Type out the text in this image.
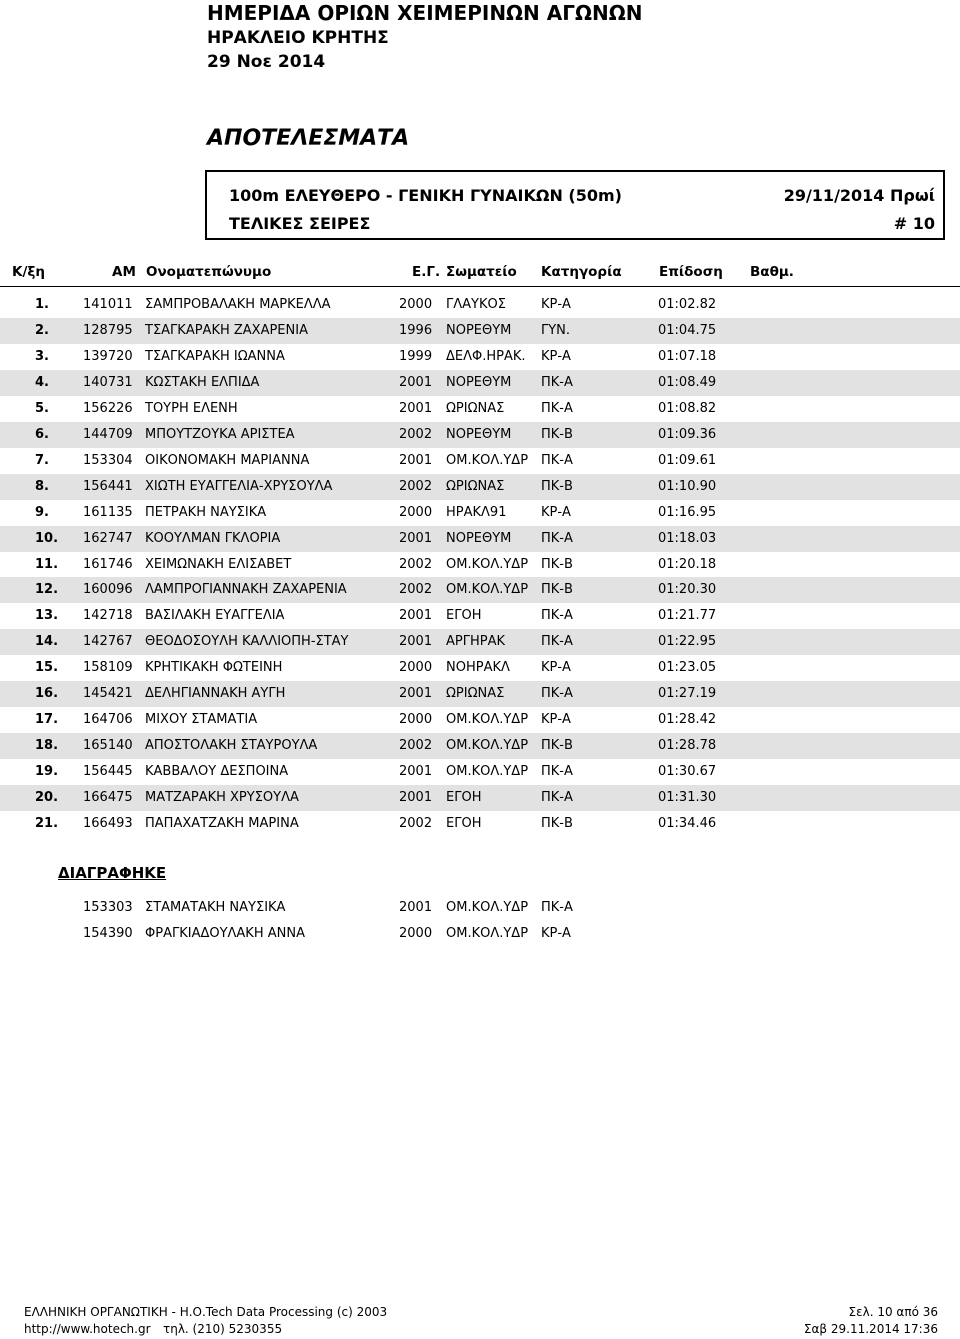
ΗΜΕΡΙΔΑ ΟΡΙΩΝ ΧΕΙΜΕΡΙΝΩΝ ΑΓΩΝΩΝ
ΗΡΑΚΛΕΙΟ ΚΡΗΤΗΣ
29 Νοε 2014
ΑΠΟΤΕΛΕΣΜΑΤΑ
100m ΕΛΕΥΘΕΡΟ - ΓΕΝΙΚΗ ΓΥΝΑΙΚΩΝ (50m)	29/11/2014 Πρωί
ΤΕΛΙΚΕΣ ΣΕΙΡΕΣ	# 10
Κ/ξη	ΑΜ Ονοματεπώνυμο	Ε.Γ. Σωματείο Κατηγορία	Επίδοση Βαθμ.
1.	141011 ΣΑΜΠΡΟΒΑΛΑΚΗ ΜΑΡΚΕΛΛΑ	2000 ΓΛΑΥΚΟΣ	ΚΡ-Α	01:02.82
2.	128795 ΤΣΑΓΚΑΡΑΚΗ ΖΑΧΑΡΕΝΙΑ	1996 ΝΟΡΕΘΥΜ ΓΥΝ.	01:04.75
3.	139720 ΤΣΑΓΚΑΡΑΚΗ ΙΩΑΝΝΑ	1999 ΔΕΛΦ.ΗΡΑΚ. ΚΡ-Α	01:07.18
4.	140731 ΚΩΣΤΑΚΗ ΕΛΠΙΔΑ	2001 ΝΟΡΕΘΥΜ ΠΚ-Α	01:08.49
5.	156226 ΤΟΥΡΗ ΕΛΕΝΗ	2001 ΩΡΙΩΝΑΣ	ΠΚ-Α	01:08.82
6.	144709 ΜΠΟΥΤΖΟΥΚΑ ΑΡΙΣΤΕΑ	2002 ΝΟΡΕΘΥΜ ΠΚ-Β	01:09.36
7.	153304 ΟΙΚΟΝΟΜΑΚΗ ΜΑΡΙΑΝΝΑ	2001 ΟΜ.ΚΟΛ.ΥΔΡ ΠΚ-Α	01:09.61
8.	156441 ΧΙΩΤΗ ΕΥΑΓΓΕΛΙΑ-ΧΡΥΣΟΥΛΑ	2002 ΩΡΙΩΝΑΣ	ΠΚ-Β	01:10.90
9.	161135 ΠΕΤΡΑΚΗ ΝΑΥΣΙΚΑ	2000 ΗΡΑΚΛ91	ΚΡ-Α	01:16.95
10. 162747 ΚΟΟΥΛΜΑΝ ΓΚΛΟΡΙΑ	2001 ΝΟΡΕΘΥΜ ΠΚ-Α	01:18.03
11. 161746 ΧΕΙΜΩΝΑΚΗ ΕΛΙΣΑΒΕΤ	2002 ΟΜ.ΚΟΛ.ΥΔΡ ΠΚ-Β	01:20.18
12. 160096 ΛΑΜΠΡΟΓΙΑΝΝΑΚΗ ΖΑΧΑΡΕΝΙΑ	2002 ΟΜ.ΚΟΛ.ΥΔΡ ΠΚ-Β	01:20.30
13. 142718 ΒΑΣΙΛΑΚΗ ΕΥΑΓΓΕΛΙΑ	2001 ΕΓΟΗ	ΠΚ-Α	01:21.77
14. 142767 ΘΕΟΔΟΣΟΥΛΗ ΚΑΛΛΙΟΠΗ-ΣΤΑΥ	2001 ΑΡΓΗΡΑΚ	ΠΚ-Α	01:22.95
15. 158109 ΚΡΗΤΙΚΑΚΗ ΦΩΤΕΙΝΗ	2000 ΝΟΗΡΑΚΛ ΚΡ-Α	01:23.05
16. 145421 ΔΕΛΗΓΙΑΝΝΑΚΗ ΑΥΓΗ	2001 ΩΡΙΩΝΑΣ	ΠΚ-Α	01:27.19
17. 164706 ΜΙΧΟΥ ΣΤΑΜΑΤΙΑ	2000 ΟΜ.ΚΟΛ.ΥΔΡ ΚΡ-Α	01:28.42
18. 165140 ΑΠΟΣΤΟΛΑΚΗ ΣΤΑΥΡΟΥΛΑ	2002 ΟΜ.ΚΟΛ.ΥΔΡ ΠΚ-Β	01:28.78
19. 156445 ΚΑΒΒΑΛΟΥ ΔΕΣΠΟΙΝΑ	2001 ΟΜ.ΚΟΛ.ΥΔΡ ΠΚ-Α	01:30.67
20. 166475 ΜΑΤΖΑΡΑΚΗ ΧΡΥΣΟΥΛΑ	2001 ΕΓΟΗ	ΠΚ-Α	01:31.30
21. 166493 ΠΑΠΑΧΑΤΖΑΚΗ ΜΑΡΙΝΑ	2002 ΕΓΟΗ	ΠΚ-Β	01:34.46
ΔΙΑΓΡΑΦΗΚΕ
153303 ΣΤΑΜΑΤΑΚΗ ΝΑΥΣΙΚΑ	2001 ΟΜ.ΚΟΛ.ΥΔΡ ΠΚ-Α
154390 ΦΡΑΓΚΙΑΔΟΥΛΑΚΗ ΑΝΝΑ	2000 ΟΜ.ΚΟΛ.ΥΔΡ ΚΡ-Α
ΕΛΛΗΝΙΚΗ ΟΡΓΑΝΩΤΙΚΗ - Η.Ο.Tech Data Processing (c) 2003
http://www.hotech.gr τηλ. (210) 5230355
Σελ. 10 από 36
Σαβ 29.11.2014 17:36
